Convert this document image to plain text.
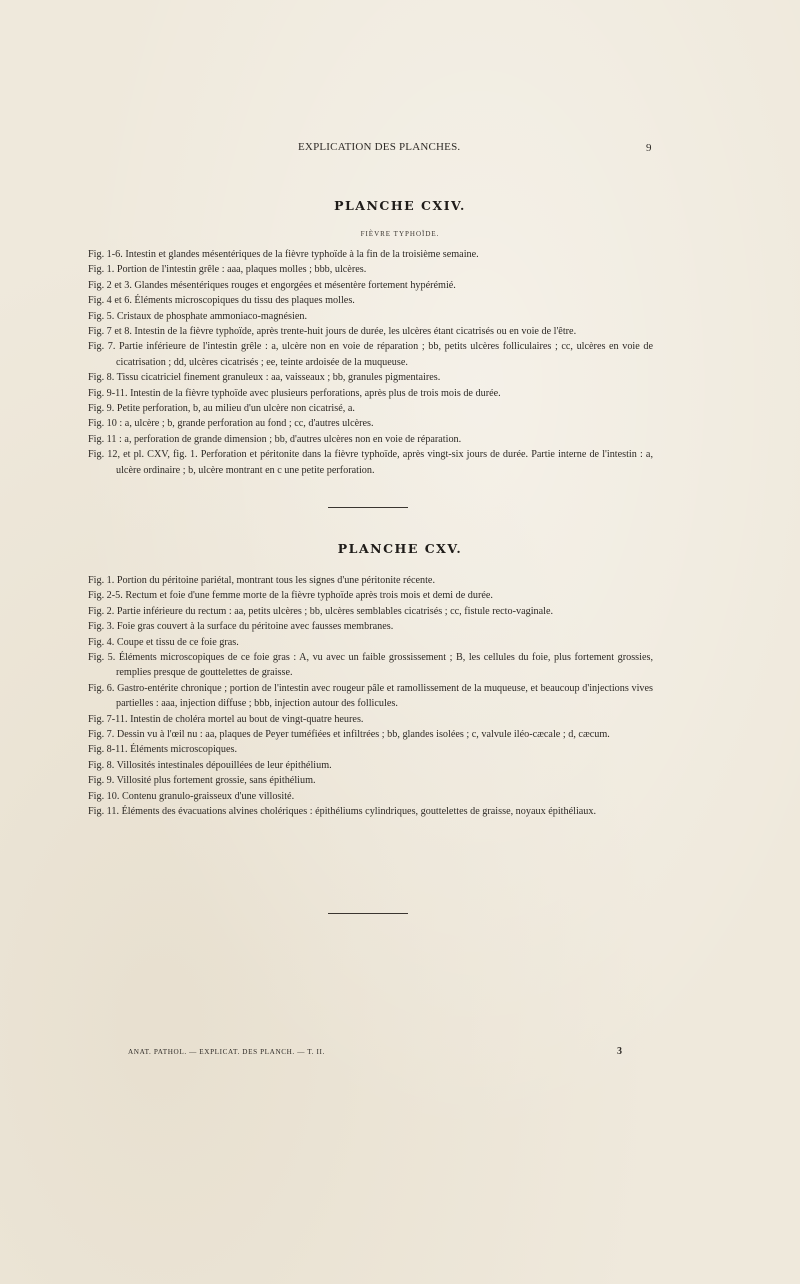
EXPLICATION DES PLANCHES.	9
PLANCHE CXIV.
FIÈVRE TYPHOÏDE.
Fig. 1-6. Intestin et glandes mésentériques de la fièvre typhoïde à la fin de la troisième semaine.
Fig. 1. Portion de l'intestin grêle : aaa, plaques molles ; bbb, ulcères.
Fig. 2 et 3. Glandes mésentériques rouges et engorgées et mésentère fortement hypérémié.
Fig. 4 et 6. Éléments microscopiques du tissu des plaques molles.
Fig. 5. Cristaux de phosphate ammoniaco-magnésien.
Fig. 7 et 8. Intestin de la fièvre typhoïde, après trente-huit jours de durée, les ulcères étant cicatrisés ou en voie de l'être.
Fig. 7. Partie inférieure de l'intestin grêle : a, ulcère non en voie de réparation ; bb, petits ulcères folliculaires ; cc, ulcères en voie de cicatrisation ; dd, ulcères cicatrisés ; ee, teinte ardoisée de la muqueuse.
Fig. 8. Tissu cicatriciel finement granuleux : aa, vaisseaux ; bb, granules pigmentaires.
Fig. 9-11. Intestin de la fièvre typhoïde avec plusieurs perforations, après plus de trois mois de durée.
Fig. 9. Petite perforation, b, au milieu d'un ulcère non cicatrisé, a.
Fig. 10 : a, ulcère ; b, grande perforation au fond ; cc, d'autres ulcères.
Fig. 11 : a, perforation de grande dimension ; bb, d'autres ulcères non en voie de réparation.
Fig. 12, et pl. CXV, fig. 1. Perforation et péritonite dans la fièvre typhoïde, après vingt-six jours de durée. Partie interne de l'intestin : a, ulcère ordinaire ; b, ulcère montrant en c une petite perforation.
PLANCHE CXV.
Fig. 1. Portion du péritoine pariétal, montrant tous les signes d'une péritonite récente.
Fig. 2-5. Rectum et foie d'une femme morte de la fièvre typhoïde après trois mois et demi de durée.
Fig. 2. Partie inférieure du rectum : aa, petits ulcères ; bb, ulcères semblables cicatrisés ; cc, fistule recto-vaginale.
Fig. 3. Foie gras couvert à la surface du péritoine avec fausses membranes.
Fig. 4. Coupe et tissu de ce foie gras.
Fig. 5. Éléments microscopiques de ce foie gras : A, vu avec un faible grossissement ; B, les cellules du foie, plus fortement grossies, remplies presque de gouttelettes de graisse.
Fig. 6. Gastro-entérite chronique ; portion de l'intestin avec rougeur pâle et ramollissement de la muqueuse, et beaucoup d'injections vives partielles : aaa, injection diffuse ; bbb, injection autour des follicules.
Fig. 7-11. Intestin de choléra mortel au bout de vingt-quatre heures.
Fig. 7. Dessin vu à l'œil nu : aa, plaques de Peyer tuméfiées et infiltrées ; bb, glandes isolées ; c, valvule iléo-cæcale ; d, cæcum.
Fig. 8-11. Éléments microscopiques.
Fig. 8. Villosités intestinales dépouillées de leur épithélium.
Fig. 9. Villosité plus fortement grossie, sans épithélium.
Fig. 10. Contenu granulo-graisseux d'une villosité.
Fig. 11. Éléments des évacuations alvines cholériques : épithéliums cylindriques, gouttelettes de graisse, noyaux épithéliaux.
ANAT. PATHOL. — EXPLICAT. DES PLANCH. — T. II.	3
